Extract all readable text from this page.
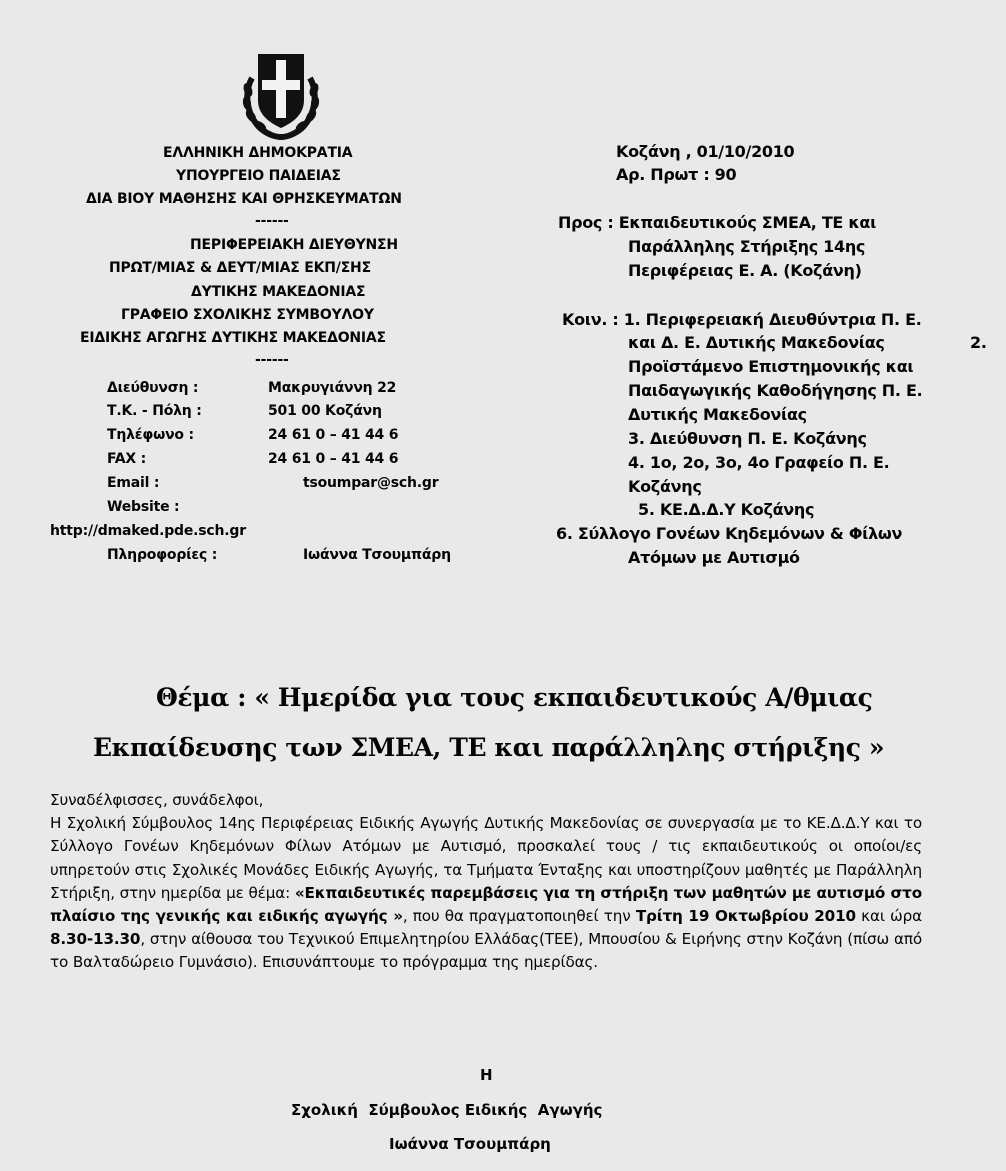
ΕΛΛΗΝΙΚΗ ΔΗΜΟΚΡΑΤΙΑ
ΥΠΟΥΡΓΕΙΟ ΠΑΙΔΕΙΑΣ
ΔΙΑ ΒΙΟΥ ΜΑΘΗΣΗΣ ΚΑΙ ΘΡΗΣΚΕΥΜΑΤΩΝ
------
ΠΕΡΙΦΕΡΕΙΑΚΗ ΔΙΕΥΘΥΝΣΗ
ΠΡΩΤ/ΜΙΑΣ & ΔΕΥΤ/ΜΙΑΣ ΕΚΠ/ΣΗΣ
ΔΥΤΙΚΗΣ ΜΑΚΕΔΟΝΙΑΣ
ΓΡΑΦΕΙΟ ΣΧΟΛΙΚΗΣ ΣΥΜΒΟΥΛΟΥ
ΕΙΔΙΚΗΣ ΑΓΩΓΗΣ ΔΥΤΙΚΗΣ ΜΑΚΕΔΟΝΙΑΣ
------
Διεύθυνση :	Μακρυγιάννη 22
Τ.Κ. - Πόλη :	501 00 Κοζάνη
Τηλέφωνο :	24 61 0 – 41 44 6
FAX :	24 61 0 – 41 44 6
Email :	tsoumpar@sch.gr
Website :
http://dmaked.pde.sch.gr
Πληροφορίες :	Ιωάννα Τσουμπάρη
Κοζάνη , 01/10/2010
Αρ. Πρωτ : 90
Προς : Εκπαιδευτικούς ΣΜΕΑ, ΤΕ και
Παράλληλης Στήριξης 14ης
Περιφέρειας Ε. Α. (Κοζάνη)
Κοιν. : 1. Περιφερειακή Διευθύντρια Π. Ε.
και Δ. Ε. Δυτικής Μακεδονίας	2.
Προϊστάμενο Επιστημονικής και
Παιδαγωγικής Καθοδήγησης Π. Ε.
Δυτικής Μακεδονίας
3. Διεύθυνση Π. Ε. Κοζάνης
4. 1ο, 2ο, 3ο, 4ο Γραφείο Π. Ε.
Κοζάνης
5. ΚΕ.Δ.Δ.Υ Κοζάνης
6. Σύλλογο Γονέων Κηδεμόνων & Φίλων
Ατόμων με Αυτισμό
Θέμα : « Ημερίδα για τους εκπαιδευτικούς Α/θμιας
Εκπαίδευσης των ΣΜΕΑ, ΤΕ και παράλληλης στήριξης »

Συναδέλφισσες, συνάδελφοι,

Η Σχολική Σύμβουλος 14ης Περιφέρειας Ειδικής Αγωγής Δυτικής Μακεδονίας σε συνεργασία με το ΚΕ.Δ.Δ.Υ και το Σύλλογο Γονέων Κηδεμόνων Φίλων Ατόμων με Αυτισμό, προσκαλεί τους / τις εκπαιδευτικούς οι οποίοι/ες υπηρετούν στις Σχολικές Μονάδες Ειδικής Αγωγής, τα Τμήματα Ένταξης και υποστηρίζουν μαθητές με Παράλληλη Στήριξη, στην ημερίδα με θέμα: «Εκπαιδευτικές παρεμβάσεις για τη στήριξη των μαθητών με αυτισμό στο πλαίσιο της γενικής και ειδικής αγωγής », που θα πραγματοποιηθεί την Τρίτη 19 Οκτωβρίου 2010 και ώρα 8.30-13.30, στην αίθουσα του Τεχνικού Επιμελητηρίου Ελλάδας(ΤΕΕ), Μπουσίου & Ειρήνης στην Κοζάνη (πίσω από το Βαλταδώρειο Γυμνάσιο). Επισυνάπτουμε το πρόγραμμα της ημερίδας.

Η
Σχολική  Σύμβουλος Ειδικής  Αγωγής
Ιωάννα Τσουμπάρη
